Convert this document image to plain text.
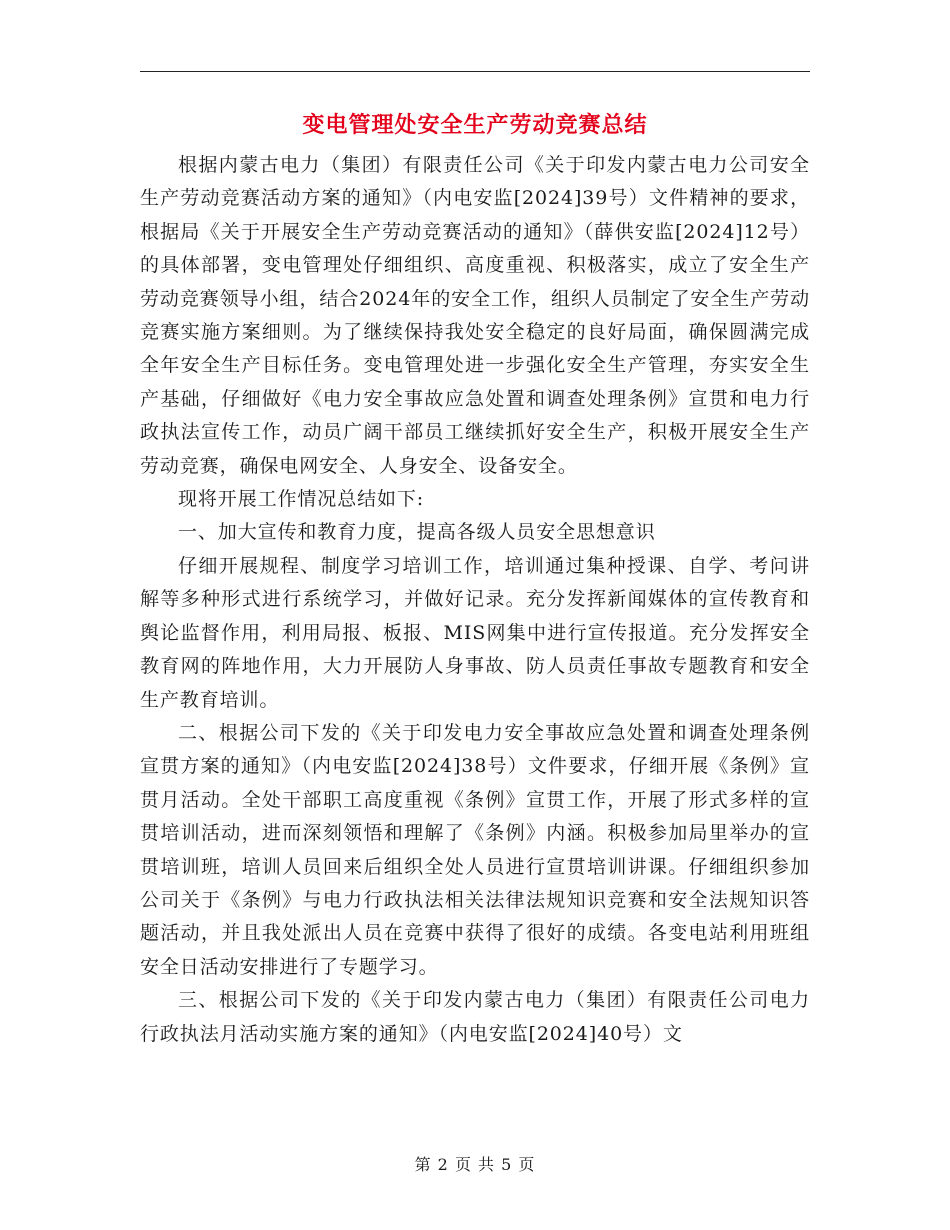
变电管理处安全生产劳动竞赛总结

根据内蒙古电力（集团）有限责任公司《关于印发内蒙古电力公司安全生产劳动竞赛活动方案的通知》（内电安监[2024]39号）文件精神的要求，根据局《关于开展安全生产劳动竞赛活动的通知》（薛供安监[2024]12号）的具体部署，变电管理处仔细组织、高度重视、积极落实，成立了安全生产劳动竞赛领导小组，结合2024年的安全工作，组织人员制定了安全生产劳动竞赛实施方案细则。为了继续保持我处安全稳定的良好局面，确保圆满完成全年安全生产目标任务。变电管理处进一步强化安全生产管理，夯实安全生产基础，仔细做好《电力安全事故应急处置和调查处理条例》宣贯和电力行政执法宣传工作，动员广阔干部员工继续抓好安全生产，积极开展安全生产劳动竞赛，确保电网安全、人身安全、设备安全。

现将开展工作情况总结如下:

一、加大宣传和教育力度，提高各级人员安全思想意识

仔细开展规程、制度学习培训工作，培训通过集种授课、自学、考问讲解等多种形式进行系统学习，并做好记录。充分发挥新闻媒体的宣传教育和舆论监督作用，利用局报、板报、MIS网集中进行宣传报道。充分发挥安全教育网的阵地作用，大力开展防人身事故、防人员责任事故专题教育和安全生产教育培训。

二、根据公司下发的《关于印发电力安全事故应急处置和调查处理条例宣贯方案的通知》（内电安监[2024]38号）文件要求，仔细开展《条例》宣贯月活动。全处干部职工高度重视《条例》宣贯工作，开展了形式多样的宣贯培训活动，进而深刻领悟和理解了《条例》内涵。积极参加局里举办的宣贯培训班，培训人员回来后组织全处人员进行宣贯培训讲课。仔细组织参加公司关于《条例》与电力行政执法相关法律法规知识竞赛和安全法规知识答题活动，并且我处派出人员在竞赛中获得了很好的成绩。各变电站利用班组安全日活动安排进行了专题学习。

三、根据公司下发的《关于印发内蒙古电力（集团）有限责任公司电力行政执法月活动实施方案的通知》（内电安监[2024]40号）文

第 2 页 共 5 页
